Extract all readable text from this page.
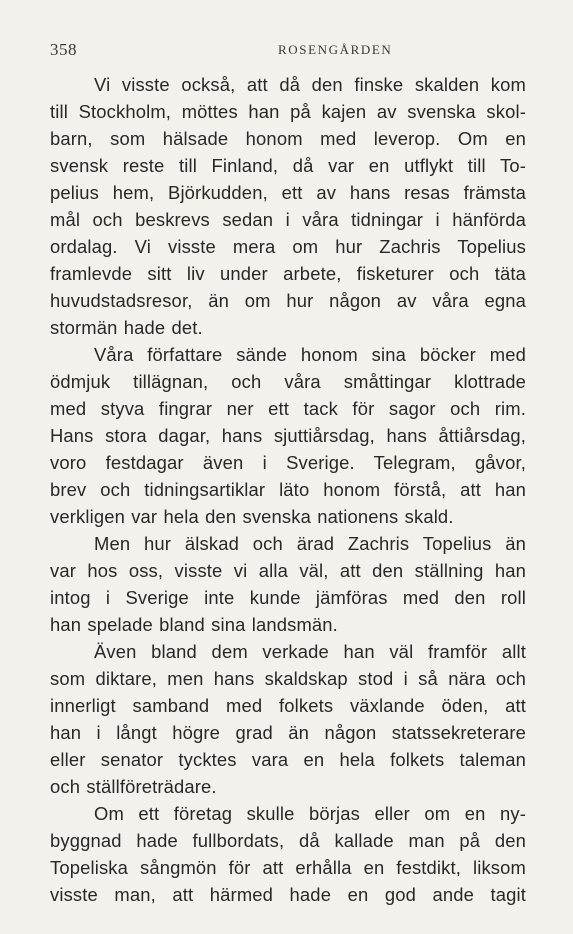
358	ROSENGÅRDEN
Vi visste också, att då den finske skalden kom
till Stockholm, möttes han på kajen av svenska skol-
barn, som hälsade honom med leverop. Om en
svensk reste till Finland, då var en utflykt till To-
pelius hem, Björkudden, ett av hans resas främsta
mål och beskrevs sedan i våra tidningar i hänförda
ordalag. Vi visste mera om hur Zachris Topelius
framlevde sitt liv under arbete, fisketurer och täta
huvudstadsresor, än om hur någon av våra egna
stormän hade det.
Våra författare sände honom sina böcker med
ödmjuk tillägnan, och våra småttingar klottrade
med styva fingrar ner ett tack för sagor och rim.
Hans stora dagar, hans sjuttiårsdag, hans åttiårsdag,
voro festdagar även i Sverige. Telegram, gåvor,
brev och tidningsartiklar läto honom förstå, att han
verkligen var hela den svenska nationens skald.
Men hur älskad och ärad Zachris Topelius än
var hos oss, visste vi alla väl, att den ställning han
intog i Sverige inte kunde jämföras med den roll
han spelade bland sina landsmän.
Även bland dem verkade han väl framför allt
som diktare, men hans skaldskap stod i så nära och
innerligt samband med folkets växlande öden, att
han i långt högre grad än någon statssekreterare
eller senator tycktes vara en hela folkets taleman
och ställföreträdare.
Om ett företag skulle börjas eller om en ny-
byggnad hade fullbordats, då kallade man på den
Topeliska sångmön för att erhålla en festdikt, liksom
visste man, att härmed hade en god ande tagit
